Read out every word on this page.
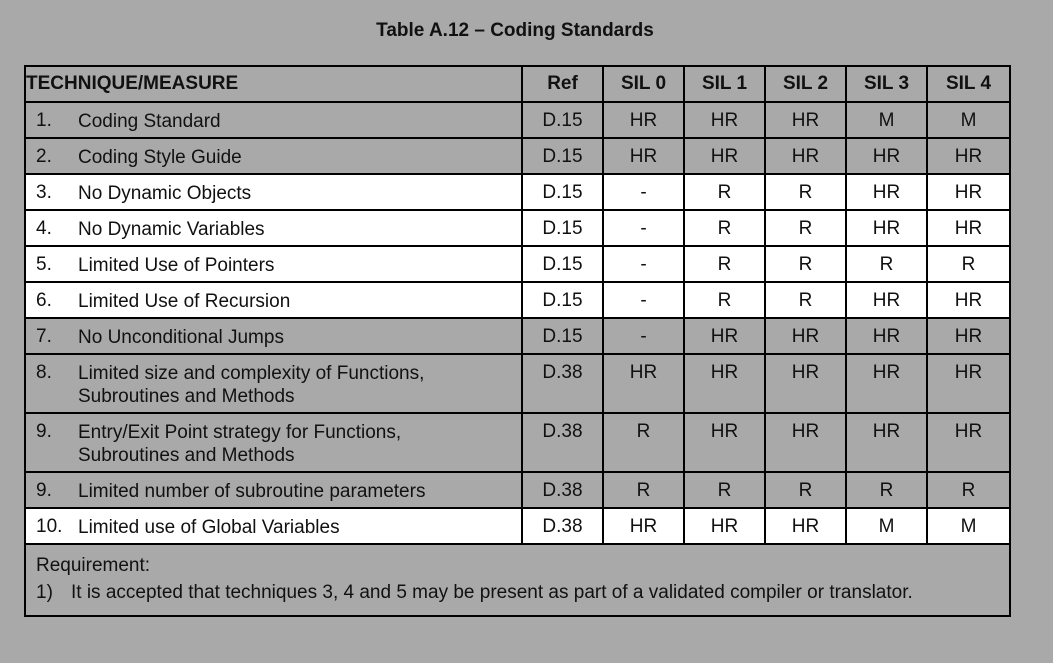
Table A.12 – Coding Standards
TECHNIQUE/MEASURE	Ref	SIL 0	SIL 1	SIL 2	SIL 3	SIL 4
1. Coding Standard	D.15	HR	HR	HR	M	M
2. Coding Style Guide	D.15	HR	HR	HR	HR	HR
3. No Dynamic Objects	D.15	-	R	R	HR	HR
4. No Dynamic Variables	D.15	-	R	R	HR	HR
5. Limited Use of Pointers	D.15	-	R	R	R	R
6. Limited Use of Recursion	D.15	-	R	R	HR	HR
7. No Unconditional Jumps	D.15	-	HR	HR	HR	HR
8. Limited size and complexity of Functions,
Subroutines and Methods	D.38	HR	HR	HR	HR	HR
9. Entry/Exit Point strategy for Functions,
Subroutines and Methods	D.38	R	HR	HR	HR	HR
9. Limited number of subroutine parameters	D.38	R	R	R	R	R
10. Limited use of Global Variables	D.38	HR	HR	HR	M	M

Requirement:
1) It is accepted that techniques 3, 4 and 5 may be present as part of a validated compiler or translator.						
